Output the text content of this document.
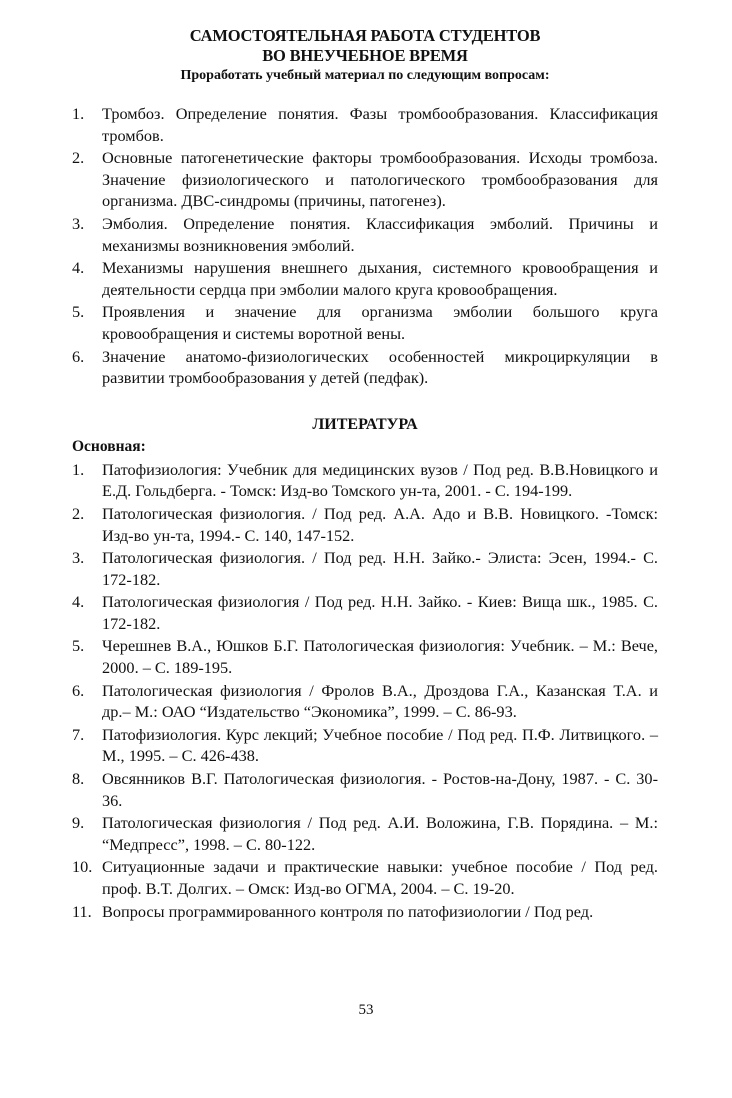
САМОСТОЯТЕЛЬНАЯ РАБОТА СТУДЕНТОВ
ВО ВНЕУЧЕБНОЕ ВРЕМЯ

Проработать учебный материал по следующим вопросам:

1.	Тромбоз. Определение понятия. Фазы тромбообразования. Классификация тромбов.
2.	Основные патогенетические факторы тромбообразования. Исходы тромбоза. Значение физиологического и патологического тромбообразования для организма. ДВС-синдромы (причины, патогенез).
3.	Эмболия. Определение понятия. Классификация эмболий. Причины и механизмы возникновения эмболий.
4.	Механизмы нарушения внешнего дыхания, системного кровообращения и деятельности сердца при эмболии малого круга кровообращения.
5.	Проявления и значение для организма эмболии большого круга кровообращения и системы воротной вены.
6.	Значение анатомо-физиологических особенностей микроциркуляции в развитии тромбообразования у детей (педфак).
ЛИТЕРАТУРА

Основная:

1.	Патофизиология: Учебник для медицинских вузов / Под ред. В.В.Новицкого и Е.Д. Гольдберга. - Томск: Изд-во Томского ун-та, 2001. - С. 194-199.
2.	Патологическая физиология. / Под ред. А.А. Адо и В.В. Новицкого. -Томск: Изд-во ун-та, 1994.- С. 140, 147-152.
3.	Патологическая физиология. / Под ред. Н.Н. Зайко.- Элиста: Эсен, 1994.- С. 172-182.
4.	Патологическая физиология / Под ред. Н.Н. Зайко. - Киев: Вища шк., 1985. С. 172-182.
5.	Черешнев В.А., Юшков Б.Г. Патологическая физиология: Учебник. – М.: Вече, 2000. – С. 189-195.
6.	Патологическая физиология / Фролов В.А., Дроздова Г.А., Казанская Т.А. и др.– М.: ОАО “Издательство “Экономика”, 1999. – С. 86-93.
7.	Патофизиология. Курс лекций; Учебное пособие / Под ред. П.Ф. Литвицкого. – М., 1995. – С. 426-438.
8.	Овсянников В.Г. Патологическая физиология. - Ростов-на-Дону, 1987. - С. 30-36.
9.	Патологическая физиология / Под ред. А.И. Воложина, Г.В. Порядина. – М.: “Медпресс”, 1998. – С. 80-122.
10. Ситуационные задачи и практические навыки: учебное пособие / Под ред. проф. В.Т. Долгих. – Омск: Изд-во ОГМА, 2004. – С. 19-20.
11. Вопросы программированного контроля по патофизиологии / Под ред.
53
